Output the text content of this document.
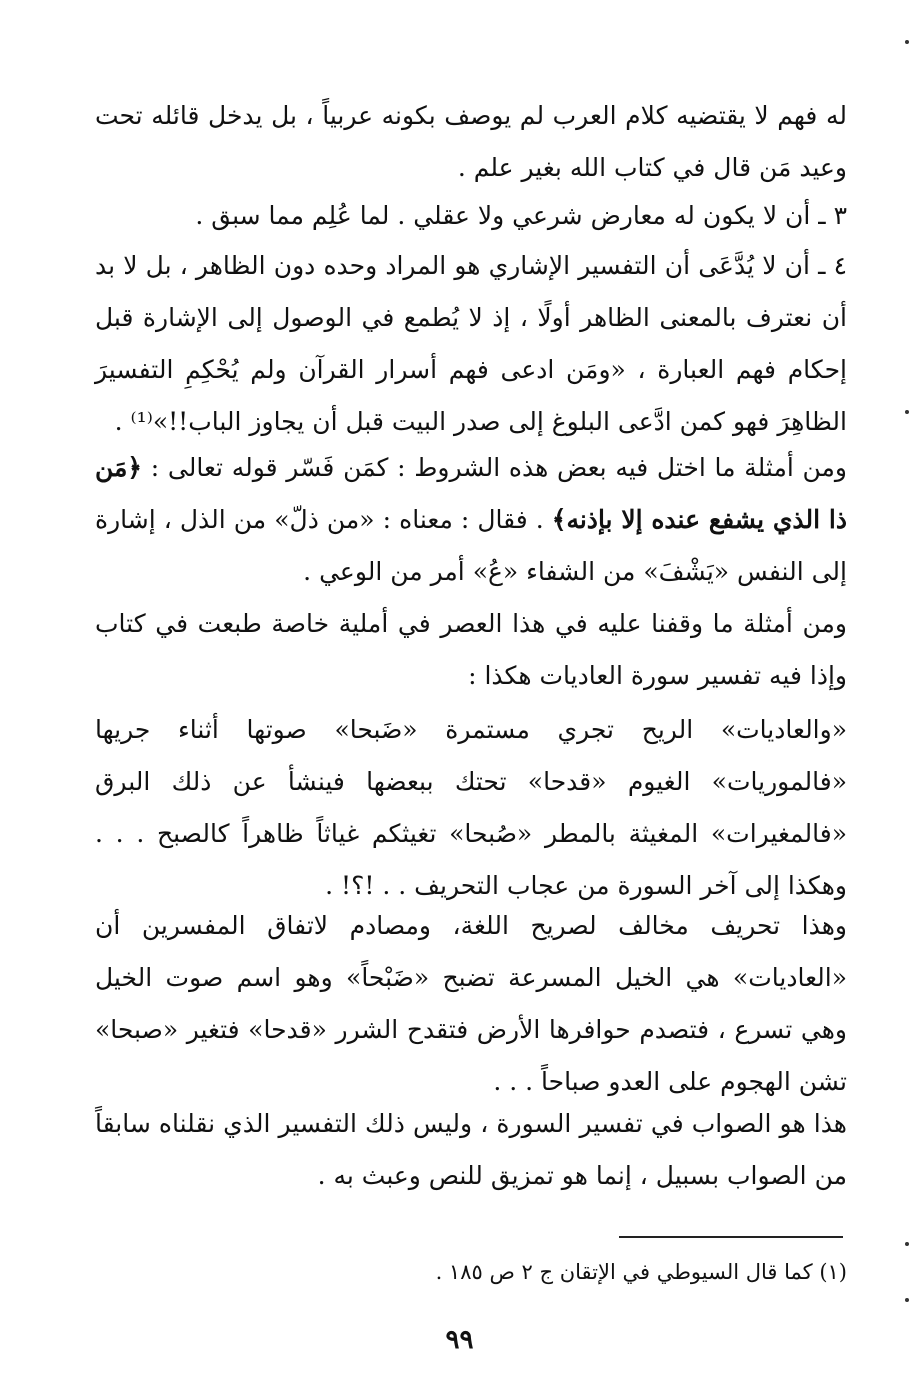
له فهم لا يقتضيه كلام العرب لم يوصف بكونه عربياً ، بل يدخل قائله تحت وعيد مَن قال في كتاب الله بغير علم .

٣ ـ أن لا يكون له معارض شرعي ولا عقلي . لما عُلِم مما سبق .

٤ ـ أن لا يُدَّعَى أن التفسير الإشاري هو المراد وحده دون الظاهر ، بل لا بد أن نعترف بالمعنى الظاهر أولًا ، إذ لا يُطمع في الوصول إلى الإشارة قبل إحكام فهم العبارة ، «ومَن ادعى فهم أسرار القرآن ولم يُحْكِمِ التفسيرَ الظاهِرَ فهو كمن ادَّعى البلوغ إلى صدر البيت قبل أن يجاوز الباب!!»⁽¹⁾ .

ومن أمثلة ما اختل فيه بعض هذه الشروط : كمَن فَسّر قوله تعالى : ﴿مَن ذا الذي يشفع عنده إلا بإذنه﴾ . فقال : معناه : «من ذلّ» من الذل ، إشارة إلى النفس «يَشْفَ» من الشفاء «عُ» أمر من الوعي .

ومن أمثلة ما وقفنا عليه في هذا العصر في أملية خاصة طبعت في كتاب وإذا فيه تفسير سورة العاديات هكذا :

«والعاديات» الريح تجري مستمرة «ضَبحا» صوتها أثناء جريها «فالموريات» الغيوم «قدحا» تحتك ببعضها فينشأ عن ذلك البرق «فالمغيرات» المغيثة بالمطر «صُبحا» تغيثكم غياثاً ظاهراً كالصبح . . . وهكذا إلى آخر السورة من عجاب التحريف . . !؟! .

وهذا تحريف مخالف لصريح اللغة، ومصادم لاتفاق المفسرين أن «العاديات» هي الخيل المسرعة تضبح «ضَبْحاً» وهو اسم صوت الخيل وهي تسرع ، فتصدم حوافرها الأرض فتقدح الشرر «قدحا» فتغير «صبحا» تشن الهجوم على العدو صباحاً . . .

هذا هو الصواب في تفسير السورة ، وليس ذلك التفسير الذي نقلناه سابقاً من الصواب بسبيل ، إنما هو تمزيق للنص وعبث به .

(١) كما قال السيوطي في الإتقان ج ٢ ص ١٨٥ .

٩٩
